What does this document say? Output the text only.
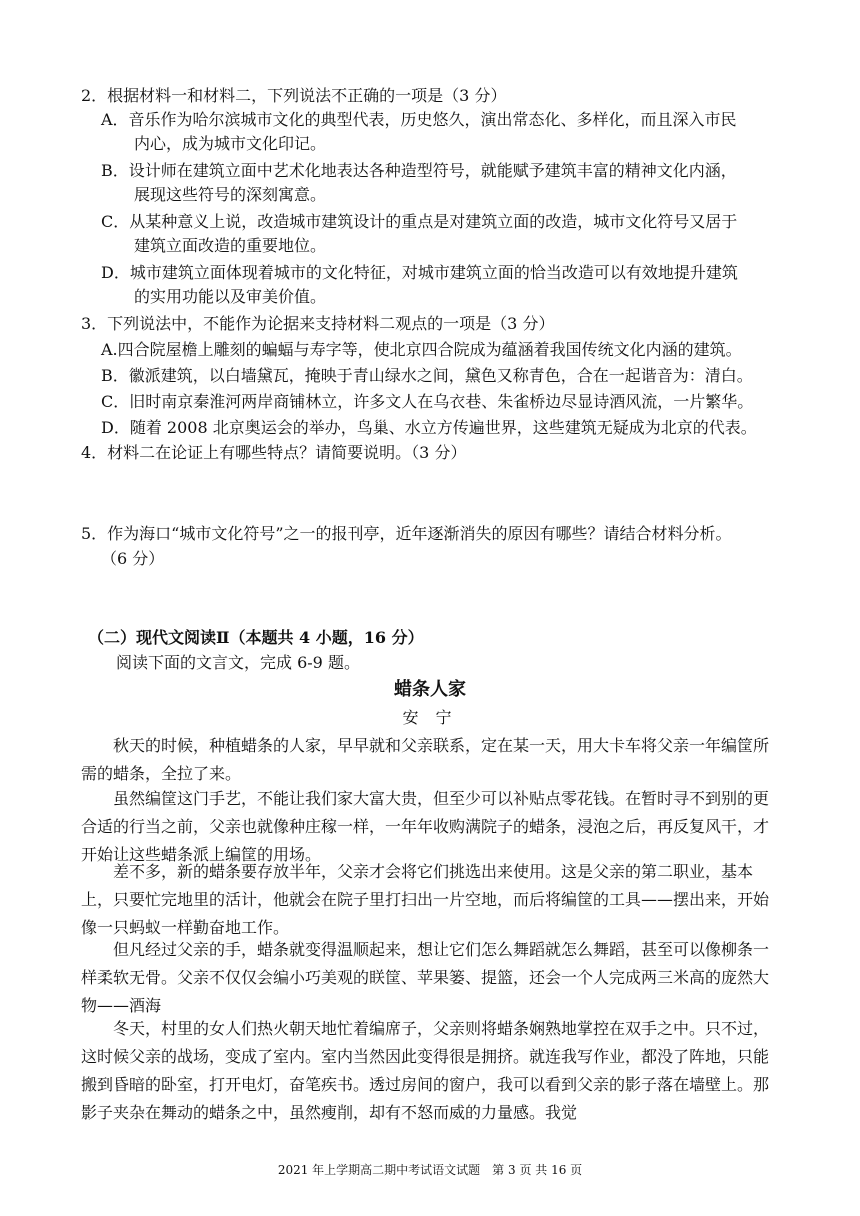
2．根据材料一和材料二，下列说法不正确的一项是（3 分）
A．音乐作为哈尔滨城市文化的典型代表，历史悠久，演出常态化、多样化，而且深入市民
内心，成为城市文化印记。
B．设计师在建筑立面中艺术化地表达各种造型符号，就能赋予建筑丰富的精神文化内涵，
展现这些符号的深刻寓意。
C．从某种意义上说，改造城市建筑设计的重点是对建筑立面的改造，城市文化符号又居于
建筑立面改造的重要地位。
D．城市建筑立面体现着城市的文化特征，对城市建筑立面的恰当改造可以有效地提升建筑
的实用功能以及审美价值。
3．下列说法中，不能作为论据来支持材料二观点的一项是（3 分）
A.四合院屋檐上雕刻的蝙蝠与寿字等，使北京四合院成为蕴涵着我国传统文化内涵的建筑。
B．徽派建筑，以白墙黛瓦，掩映于青山绿水之间，黛色又称青色，合在一起谐音为：清白。
C．旧时南京秦淮河两岸商铺林立，许多文人在乌衣巷、朱雀桥边尽显诗酒风流，一片繁华。
D．随着 2008 北京奥运会的举办，鸟巢、水立方传遍世界，这些建筑无疑成为北京的代表。
4．材料二在论证上有哪些特点？请简要说明。（3 分）
5．作为海口“城市文化符号”之一的报刊亭，近年逐渐消失的原因有哪些？请结合材料分析。
（6 分）
（二）现代文阅读Ⅱ（本题共 4 小题，16 分）
阅读下面的文言文，完成 6-9 题。
蜡条人家
安 宁
秋天的时候，种植蜡条的人家，早早就和父亲联系，定在某一天，用大卡车将父亲一年编筐所需的蜡条，全拉了来。
虽然编筐这门手艺，不能让我们家大富大贵，但至少可以补贴点零花钱。在暂时寻不到别的更合适的行当之前，父亲也就像种庄稼一样，一年年收购满院子的蜡条，浸泡之后，再反复风干，才开始让这些蜡条派上编筐的用场。
差不多，新的蜡条要存放半年，父亲才会将它们挑选出来使用。这是父亲的第二职业，基本上，只要忙完地里的活计，他就会在院子里打扫出一片空地，而后将编筐的工具——摆出来，开始像一只蚂蚁一样勤奋地工作。
但凡经过父亲的手，蜡条就变得温顺起来，想让它们怎么舞蹈就怎么舞蹈，甚至可以像柳条一样柔软无骨。父亲不仅仅会编小巧美观的眹筐、苹果篓、提篮，还会一个人完成两三米高的庞然大物——酒海
冬天，村里的女人们热火朝天地忙着编席子，父亲则将蜡条娴熟地掌控在双手之中。只不过，这时候父亲的战场，变成了室内。室内当然因此变得很是拥挤。就连我写作业，都没了阵地，只能搬到昏暗的卧室，打开电灯，奋笔疾书。透过房间的窗户，我可以看到父亲的影子落在墙壁上。那影子夹杂在舞动的蜡条之中，虽然瘦削，却有不怒而威的力量感。我觉
2021 年上学期高二期中考试语文试题　第 3 页 共 16 页
